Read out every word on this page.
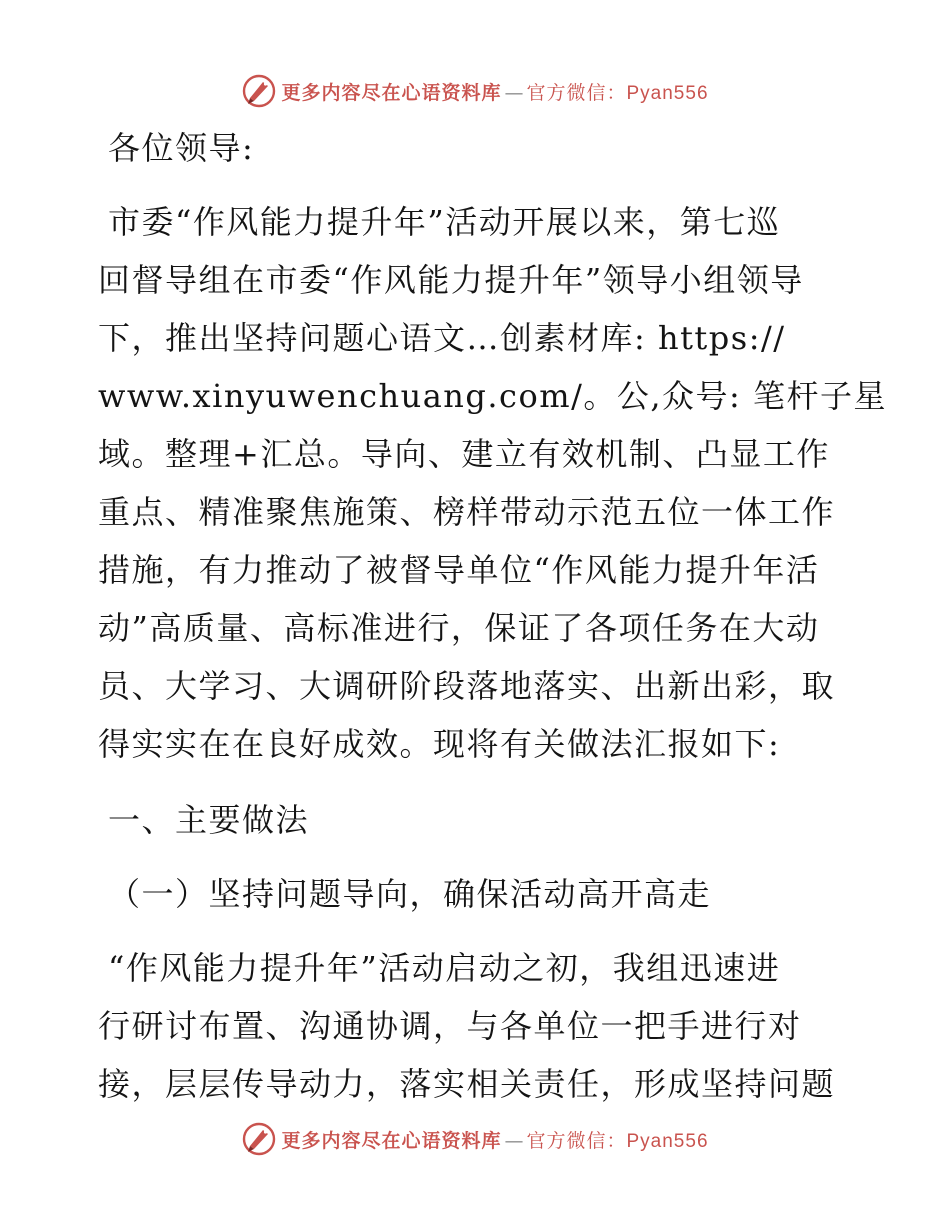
更多内容尽在心语资料库 — 官方微信：Pyan556

各位领导:

市委“作风能力提升年”活动开展以来，第七巡

回督导组在市委“作风能力提升年”领导小组领导

下，推出坚持问题心语文…创素材库: https://

www.xinyuwenchuang.com/。公,众号: 笔杆子星

域。整理+汇总。导向、建立有效机制、凸显工作

重点、精准聚焦施策、榜样带动示范五位一体工作

措施，有力推动了被督导单位“作风能力提升年活

动”高质量、高标准进行，保证了各项任务在大动

员、大学习、大调研阶段落地落实、出新出彩，取

得实实在在良好成效。现将有关做法汇报如下:

一、主要做法

（一）坚持问题导向，确保活动高开高走

“作风能力提升年”活动启动之初，我组迅速进

行研讨布置、沟通协调，与各单位一把手进行对

接，层层传导动力，落实相关责任，形成坚持问题

更多内容尽在心语资料库 — 官方微信：Pyan556
